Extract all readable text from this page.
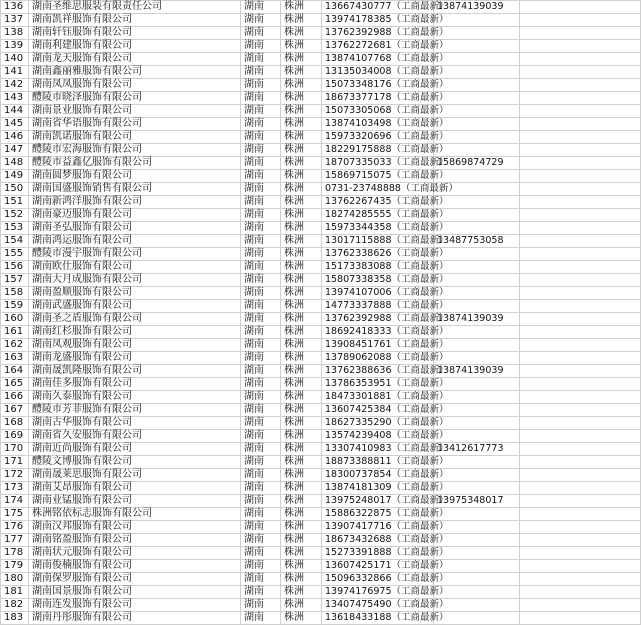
136	湖南圣维思服装有限责任公司	湖南	株洲	13667430777（工商最新）	13874139039	
137	湖南凯祥服饰有限公司	湖南	株洲	13974178385（工商最新）		
138	湖南轩钰服饰有限公司	湖南	株洲	13762392988（工商最新）		
139	湖南利建服饰有限公司	湖南	株洲	13762272681（工商最新）		
140	湖南龙天服饰有限公司	湖南	株洲	13874107768（工商最新）		
141	湖南鑫丽雅服饰有限公司	湖南	株洲	13135034008（工商最新）		
142	湖南凤凤服饰有限公司	湖南	株洲	15073348176（工商最新）		
143	醴陵市晓泽服饰有限公司	湖南	株洲	18673377178（工商最新）		
144	湖南景业服饰有限公司	湖南	株洲	15073305068（工商最新）		
145	湖南省华语服饰有限公司	湖南	株洲	13874103498（工商最新）		
146	湖南凯诺服饰有限公司	湖南	株洲	15973320696（工商最新）		
147	醴陵市宏海服饰有限公司	湖南	株洲	18229175888（工商最新）		
148	醴陵市益鑫亿服饰有限公司	湖南	株洲	18707335033（工商最新）	15869874729	
149	湖南圆梦服饰有限公司	湖南	株洲	15869715075（工商最新）		
150	湖南国盛服饰销售有限公司	湖南	株洲	0731-23748888（工商最新）		
151	湖南新鸿洋服饰有限公司	湖南	株洲	13762267435（工商最新）		
152	湖南豪迈服饰有限公司	湖南	株洲	18274285555（工商最新）		
153	湖南圣弘服饰有限公司	湖南	株洲	15973344358（工商最新）		
154	湖南鸿运服饰有限公司	湖南	株洲	13017115888（工商最新）	13487753058	
155	醴陵市漫宇服饰有限公司	湖南	株洲	13762338626（工商最新）		
156	湖南欧仕服饰有限公司	湖南	株洲	15173383088（工商最新）		
157	湖南大月成服饰有限公司	湖南	株洲	15807338358（工商最新）		
158	湖南盈顺服饰有限公司	湖南	株洲	13974107006（工商最新）		
159	湖南武盛服饰有限公司	湖南	株洲	14773337888（工商最新）		
160	湖南圣之盾服饰有限公司	湖南	株洲	13762392988（工商最新）	13874139039	
161	湖南红杉服饰有限公司	湖南	株洲	18692418333（工商最新）		
162	湖南凤观服饰有限公司	湖南	株洲	13908451761（工商最新）		
163	湖南龙盛服饰有限公司	湖南	株洲	13789062088（工商最新）		
164	湖南晟凯隆服饰有限公司	湖南	株洲	13762388636（工商最新）	13874139039	
165	湖南佳多服饰有限公司	湖南	株洲	13786353951（工商最新）		
166	湖南久泰服饰有限公司	湖南	株洲	18473301881（工商最新）		
167	醴陵市芳菲服饰有限公司	湖南	株洲	13607425384（工商最新）		
168	湖南古华服饰有限公司	湖南	株洲	18627335290（工商最新）		
169	湖南省久安服饰有限公司	湖南	株洲	13574239408（工商最新）		
170	湖南近尚服饰有限公司	湖南	株洲	13307410983（工商最新）	13412617773	
171	醴陵文博服饰有限公司	湖南	株洲	18873388811（工商最新）		
172	湖南晟莱思服饰有限公司	湖南	株洲	18300737854（工商最新）		
173	湖南艾昂服饰有限公司	湖南	株洲	13874181309（工商最新）		
174	湖南业锰服饰有限公司	湖南	株洲	13975248017（工商最新）	13975348017	
175	株洲铭依标志服饰有限公司	湖南	株洲	15886322875（工商最新）		
176	湖南汉邦服饰有限公司	湖南	株洲	13907417716（工商最新）		
177	湖南铭盈服饰有限公司	湖南	株洲	18673432688（工商最新）		
178	湖南状元服饰有限公司	湖南	株洲	15273391888（工商最新）		
179	湖南俊楠服饰有限公司	湖南	株洲	13607425171（工商最新）		
180	湖南保罗服饰有限公司	湖南	株洲	15096332866（工商最新）		
181	湖南国景服饰有限公司	湖南	株洲	13974176975（工商最新）		
182	湖南连发服饰有限公司	湖南	株洲	13407475490（工商最新）		
183	湖南丹彤服饰有限公司	湖南	株洲	13618433188（工商最新）		
